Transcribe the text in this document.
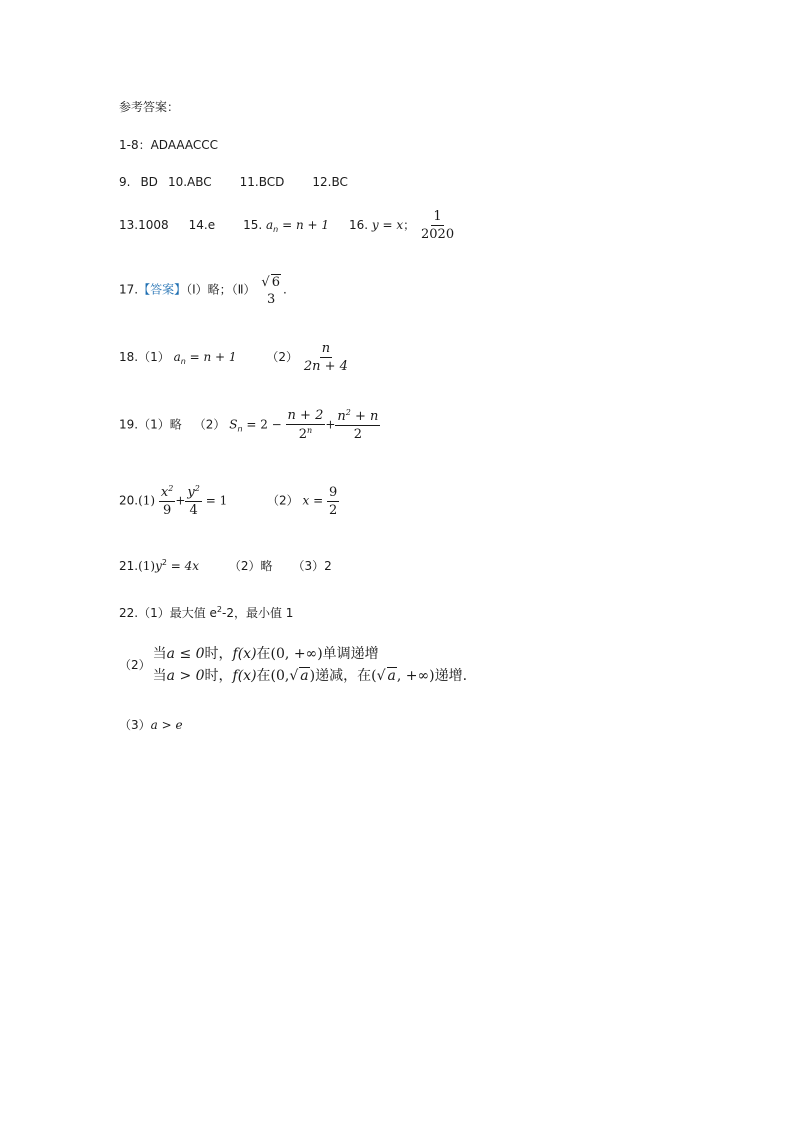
参考答案：
1-8：ADAAACCC
9. BD 10.ABC 11.BCD 12.BC
13.1008 14.e 15. $a_n = n + 1$ 16. y = x； $\frac{1}{2020}$
17.【答案】（Ⅰ）略；（Ⅱ） √ 6
3
.
18.（1） $a_n = n + 1$ $(2) \frac{n}{2n + 4}$
19.（1）略 （2） $S_n = 2 - \frac{n + 2}{2^n} + \frac{n^2 + n}{2}$
$20.(1) \frac{x^2}{9} + \frac{y^2}{4} = 1$	（2） $x = \frac{9}{2}$
$21.(1)y^2 = 4x$ （2）略 （3）2
22.（1）最大值 $e^2-2$，最小值 1
（2）
当a ≤ 0时，f(x)在(0, +∞)单调递增
当a > 0时，f(x)在(0,√ a)递减，在(√ a, +∞)递增.
（3）a > e
